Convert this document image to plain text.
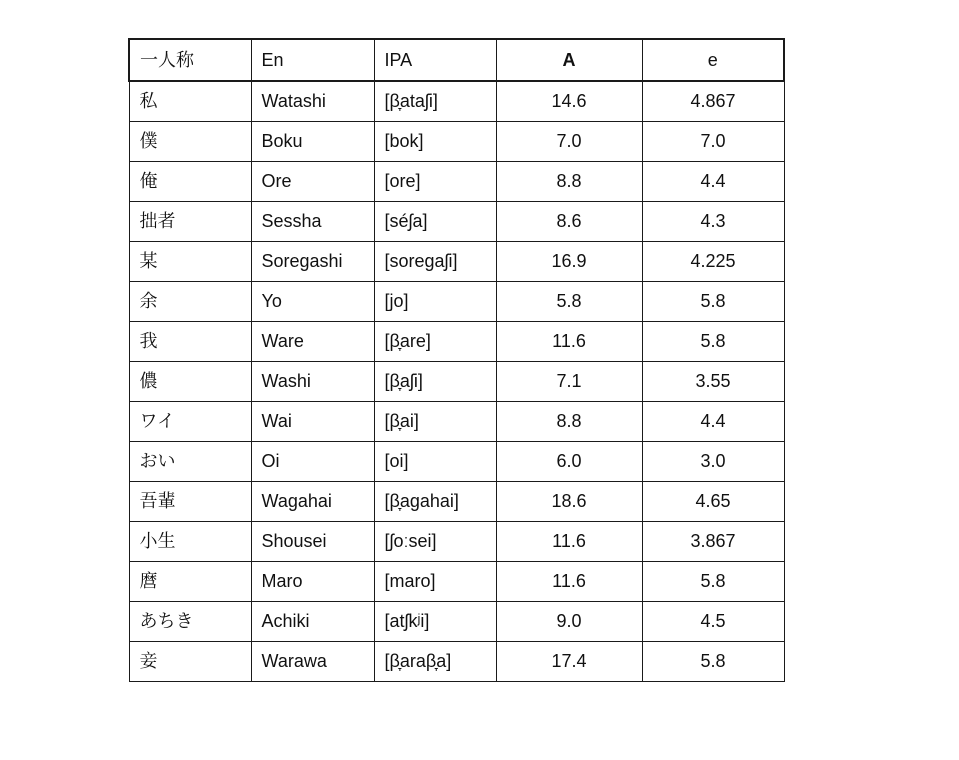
一人称	En	IPA	A	e
私	Watashi	[β̞ataʃi]	14.6	4.867
僕	Boku	[bok]	7.0	7.0
俺	Ore	[ore]	8.8	4.4
拙者	Sessha	[séʃa]	8.6	4.3
某	Soregashi	[soregaʃi]	16.9	4.225
余	Yo	[jo]	5.8	5.8
我	Ware	[β̞are]	11.6	5.8
儂	Washi	[β̞aʃi]	7.1	3.55
ワイ	Wai	[β̞ai]	8.8	4.4
おい	Oi	[oi]	6.0	3.0
吾輩	Wagahai	[β̞agahai]	18.6	4.65
小生	Shousei	[ʃoːsei]	11.6	3.867
麿	Maro	[maro]	11.6	5.8
あちき	Achiki	[atʃkʲi]	9.0	4.5
妾	Warawa	[β̞araβ̞a]	17.4	5.8
